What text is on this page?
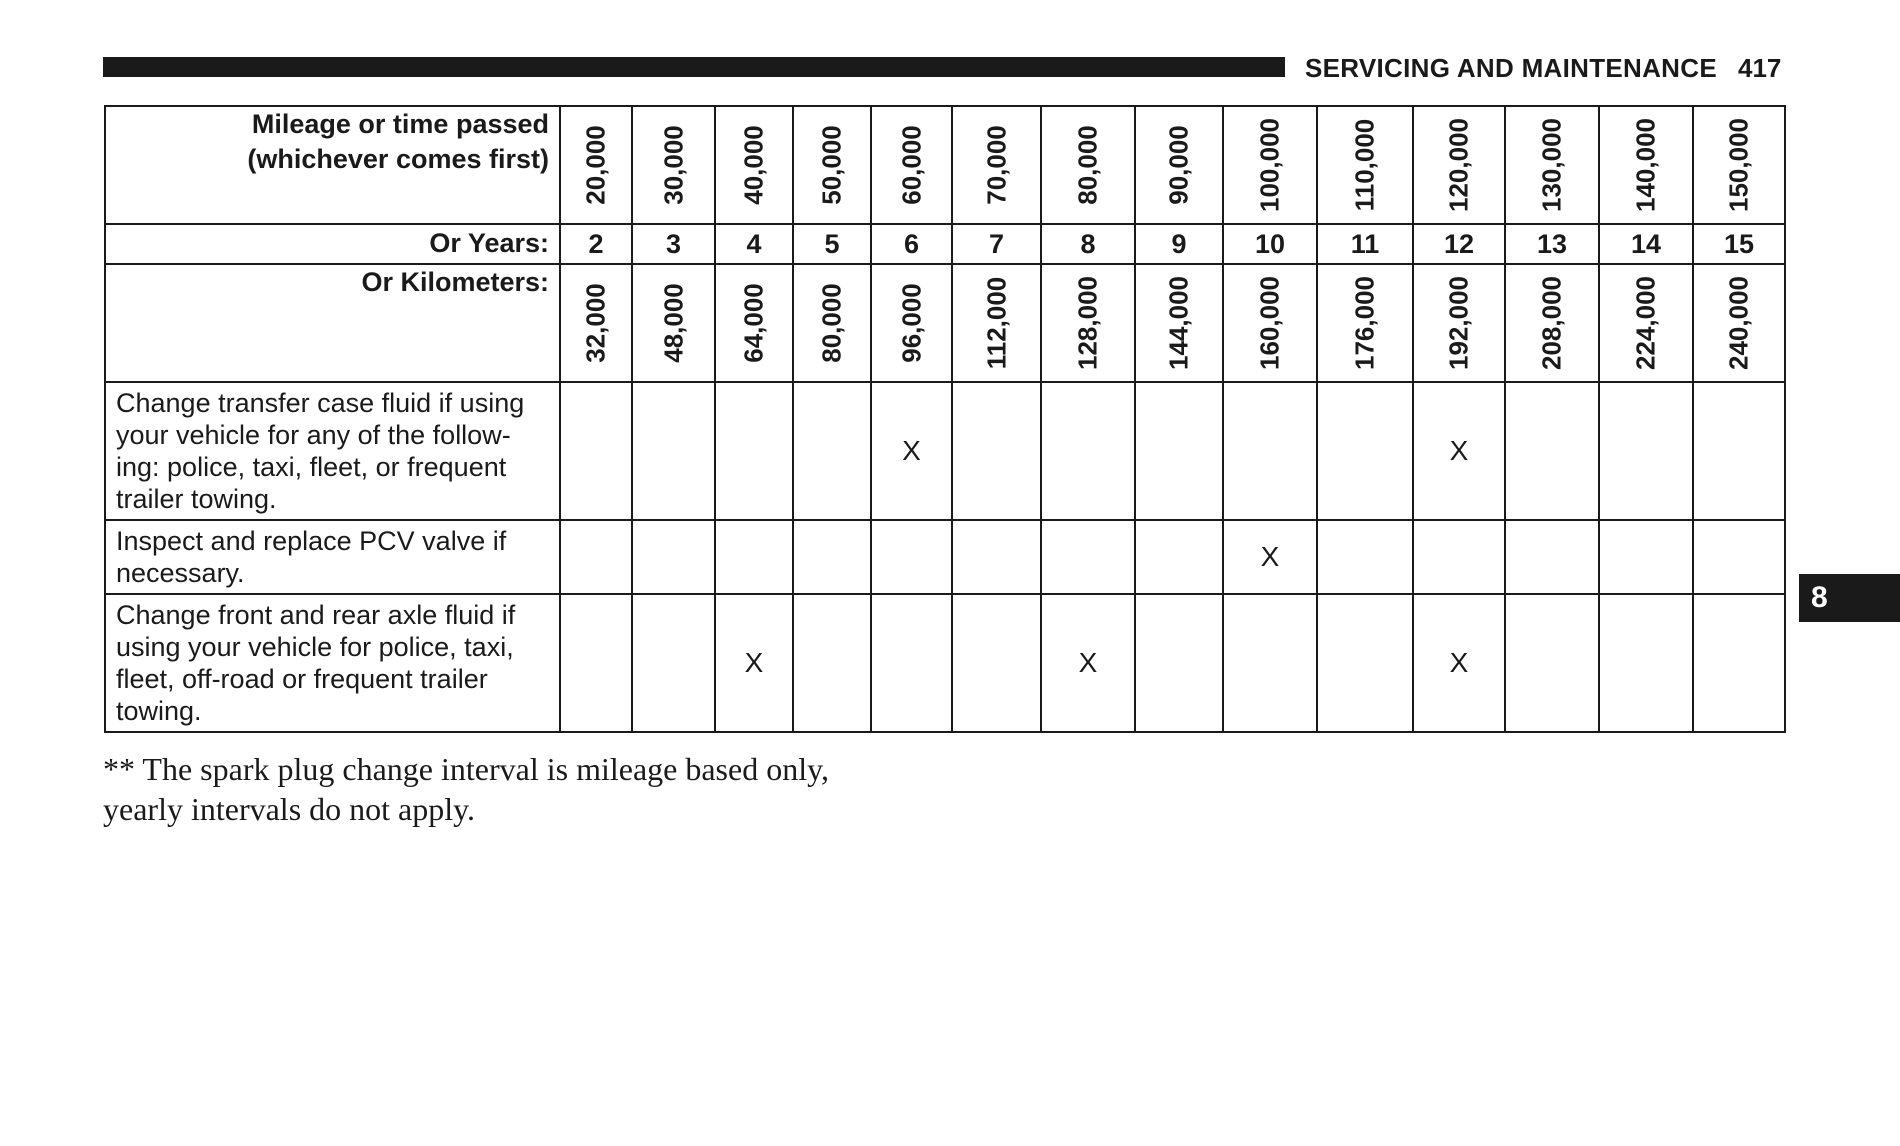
SERVICING AND MAINTENANCE 417
Mileage or time passed
(whichever comes first)	20,000	30,000	40,000	50,000	60,000	70,000	80,000	90,000	100,000	110,000	120,000	130,000	140,000	150,000

Or Years:	2	3	4	5	6	7	8	9	10	11	12	13	14	15
Or Kilometers:	32,000	48,000	64,000	80,000	96,000	112,000	128,000	144,000	160,000	176,000	192,000	208,000	224,000	240,000

Change transfer case fluid if using
your vehicle for any of the follow-
ing: police, taxi, fleet, or frequent
trailer towing.					X						X			

Inspect and replace PCV valve if
necessary.									X					

Change front and rear axle fluid if
using your vehicle for police, taxi,
fleet, off-road or frequent trailer
towing.			X				X				X			
** The spark plug change interval is mileage based only,
yearly intervals do not apply.
8
